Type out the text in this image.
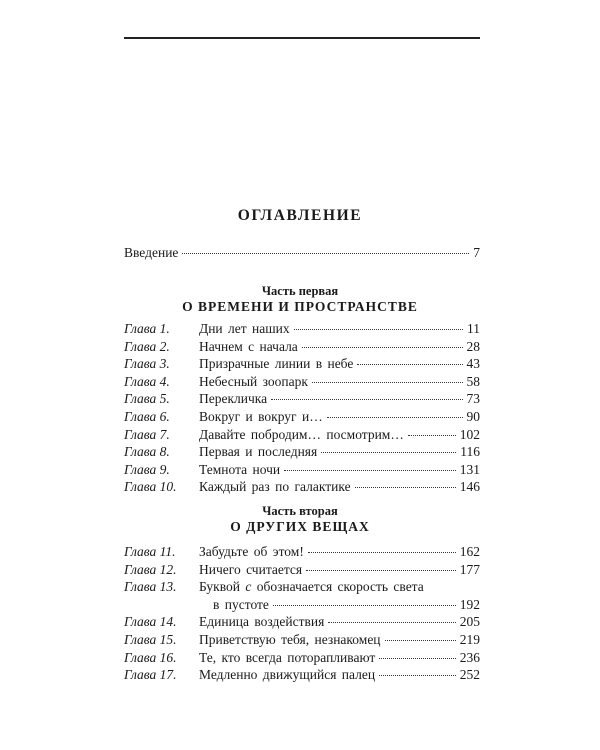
ОГЛАВЛЕНИЕ
Введение	7
Часть первая
О ВРЕМЕНИ И ПРОСТРАНСТВЕ
Глава 1.	Дни лет наших	11
Глава 2.	Начнем с начала	28
Глава 3.	Призрачные линии в небе	43
Глава 4.	Небесный зоопарк	58
Глава 5.	Перекличка	73
Глава 6.	Вокруг и вокруг и…	90
Глава 7.	Давайте побродим… посмотрим…	102
Глава 8.	Первая и последняя	116
Глава 9.	Темнота ночи	131
Глава 10.	Каждый раз по галактике	146
Часть вторая
О ДРУГИХ ВЕЩАХ
Глава 11.	Забудьте об этом!	162
Глава 12.	Ничего считается	177
Глава 13.	Буквой c обозначается скорость света
в пустоте	192
Глава 14.	Единица воздействия	205
Глава 15.	Приветствую тебя, незнакомец	219
Глава 16.	Те, кто всегда поторапливают	236
Глава 17.	Медленно движущийся палец	252
